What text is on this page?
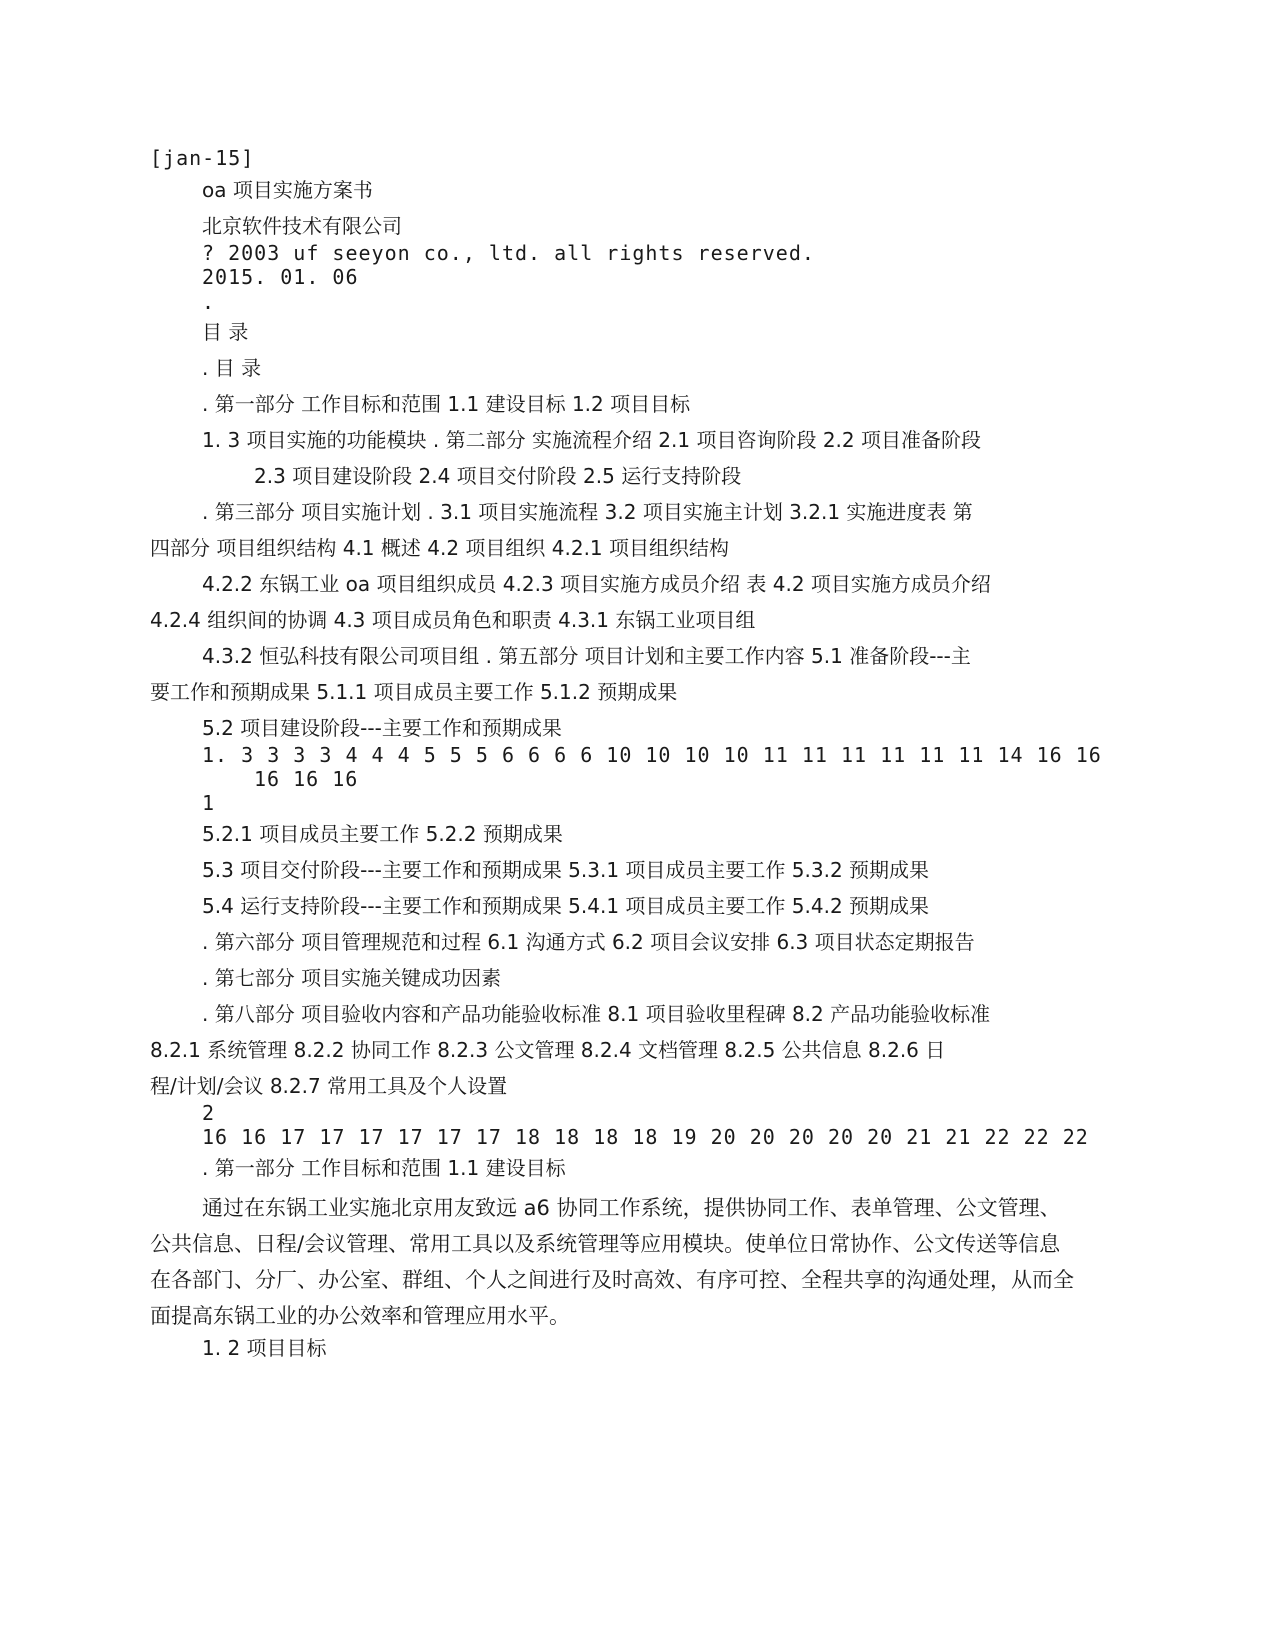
[jan-15]

oa 项目实施方案书

北京软件技术有限公司

? 2003 uf seeyon co., ltd. all rights reserved.

2015. 01. 06

.

目 录

. 目 录

. 第一部分 工作目标和范围 1.1 建设目标 1.2 项目目标

1. 3 项目实施的功能模块 . 第二部分 实施流程介绍 2.1 项目咨询阶段 2.2 项目准备阶段

2.3 项目建设阶段 2.4 项目交付阶段 2.5 运行支持阶段

. 第三部分 项目实施计划 . 3.1 项目实施流程 3.2 项目实施主计划 3.2.1 实施进度表 第

四部分 项目组织结构 4.1 概述 4.2 项目组织 4.2.1 项目组织结构

4.2.2 东锅工业 oa 项目组织成员 4.2.3 项目实施方成员介绍 表 4.2 项目实施方成员介绍

4.2.4 组织间的协调 4.3 项目成员角色和职责 4.3.1 东锅工业项目组

4.3.2 恒弘科技有限公司项目组 . 第五部分 项目计划和主要工作内容 5.1 准备阶段---主

要工作和预期成果 5.1.1 项目成员主要工作 5.1.2 预期成果

5.2 项目建设阶段---主要工作和预期成果

1. 3 3 3 3 4 4 4 5 5 5 6 6 6 6 10 10 10 10 11 11 11 11 11 11 14 16 16

16 16 16

1

5.2.1 项目成员主要工作 5.2.2 预期成果

5.3 项目交付阶段---主要工作和预期成果 5.3.1 项目成员主要工作 5.3.2 预期成果

5.4 运行支持阶段---主要工作和预期成果 5.4.1 项目成员主要工作 5.4.2 预期成果

. 第六部分 项目管理规范和过程 6.1 沟通方式 6.2 项目会议安排 6.3 项目状态定期报告

. 第七部分 项目实施关键成功因素

. 第八部分 项目验收内容和产品功能验收标准 8.1 项目验收里程碑 8.2 产品功能验收标准

8.2.1 系统管理 8.2.2 协同工作 8.2.3 公文管理 8.2.4 文档管理 8.2.5 公共信息 8.2.6 日

程/计划/会议 8.2.7 常用工具及个人设置

2

16 16 17 17 17 17 17 17 18 18 18 18 19 20 20 20 20 20 21 21 22 22 22

. 第一部分 工作目标和范围 1.1 建设目标

通过在东锅工业实施北京用友致远 a6 协同工作系统，提供协同工作、表单管理、公文管理、公共信息、日程/会议管理、常用工具以及系统管理等应用模块。使单位日常协作、公文传送等信息在各部门、分厂、办公室、群组、个人之间进行及时高效、有序可控、全程共享的沟通处理，从而全面提高东锅工业的办公效率和管理应用水平。

1. 2 项目目标
